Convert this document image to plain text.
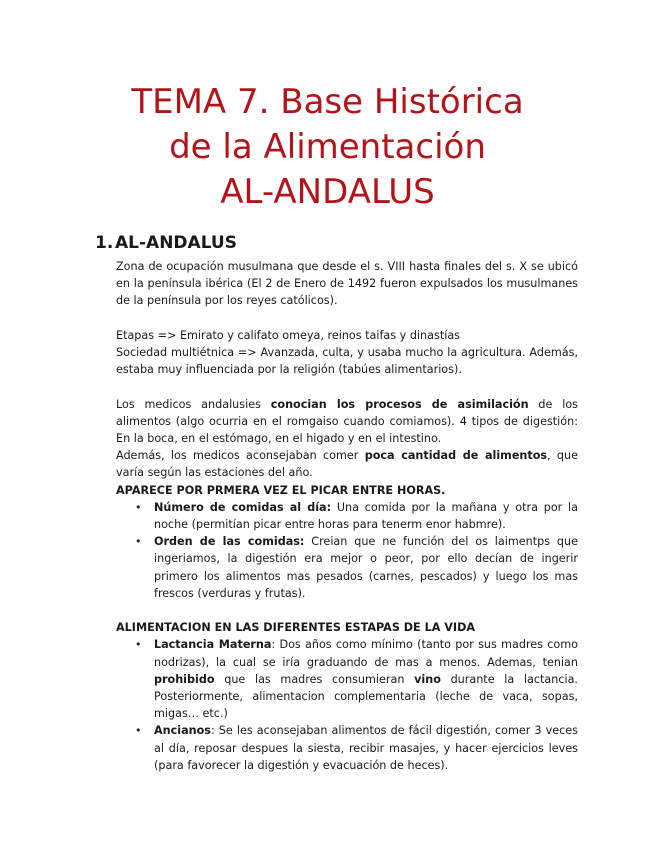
TEMA 7. Base Histórica
de la Alimentación
AL-ANDALUS
1. AL-ANDALUS

Zona de ocupación musulmana que desde el s. VIII hasta finales del s. X se ubicó en la península ibérica (El 2 de Enero de 1492 fueron expulsados los musulmanes de la península por los reyes católicos).

Etapas => Emirato y califato omeya, reinos taifas y dinastías

Sociedad multiétnica => Avanzada, culta, y usaba mucho la agricultura. Además, estaba muy influenciada por la religión (tabúes alimentarios).

Los medicos andalusies conocian los procesos de asimilación de los alimentos (algo ocurria en el romgaiso cuando comiamos). 4 tipos de digestión: En la boca, en el estómago, en el higado y en el intestino.

Además, los medicos aconsejaban comer poca cantidad de alimentos, que varía según las estaciones del año.

APARECE POR PRMERA VEZ EL PICAR ENTRE HORAS.

• Número de comidas al día: Una comida por la mañana y otra por la noche (permitían picar entre horas para tenerm enor habmre).
• Orden de las comidas: Creian que ne función del os laimentps que ingeriamos, la digestión era mejor o peor, por ello decían de ingerir primero los alimentos mas pesados (carnes, pescados) y luego los mas frescos (verduras y frutas).

ALIMENTACION EN LAS DIFERENTES ESTAPAS DE LA VIDA

• Lactancia Materna: Dos años como mínimo (tanto por sus madres como nodrizas), la cual se iría graduando de mas a menos. Ademas, tenian prohibido que las madres consumieran vino durante la lactancia. Posteriormente, alimentacion complementaria (leche de vaca, sopas, migas… etc.)
• Ancianos: Se les aconsejaban alimentos de fácil digestión, comer 3 veces al día, reposar despues la siesta, recibir masajes, y hacer ejercicios leves (para favorecer la digestión y evacuación de heces).
